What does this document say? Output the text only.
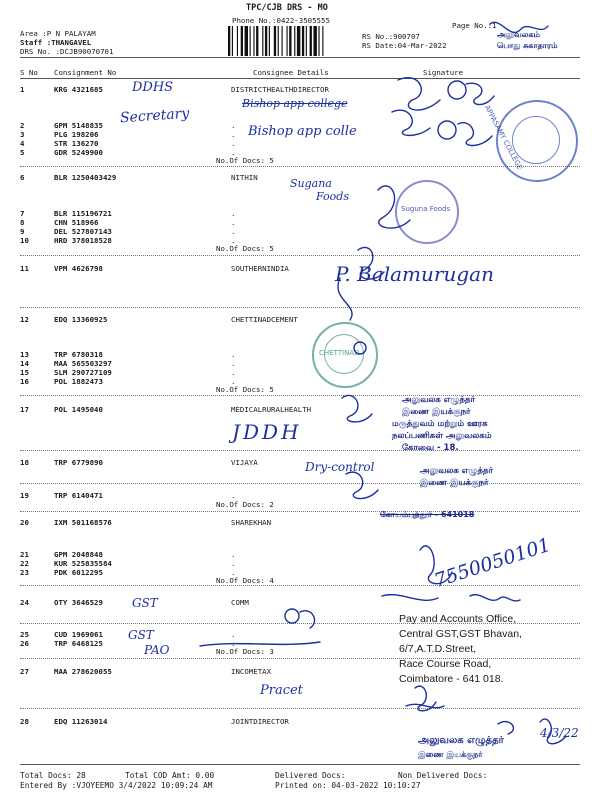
TPC/CJB DRS - MO
Phone No.:0422-3505555
Page No.:1
Area :P N PALAYAM
Staff :THANGAVEL
DRS No. :DCJB90070701
RS No.:900707
RS Date:04-Mar-2022
S No Consignment No	Consignee Details	Signature
1	KRG 4321685	DISTRICTHEALTHDIRECTOR
2	GPM 5148835	.
3	PLG 198206	.
4	STR 136270	.
5	GDR 5249900	.
No.Of Docs: 5
6	BLR 1250403429	NITHIN
7	BLR 115196721	.
8	CHN 518966	.
9	DEL 527807143	.
10	HRD 378018528	.
No.Of Docs: 5
11	VPM 4626798	SOUTHERNINDIA
12	EDQ 13360925	CHETTINADCEMENT
13	TRP 6780318	.
14	MAA 565503297	.
15	SLM 290727109	.
16	POL 1882473	.
No.Of Docs: 5
17	POL 1495040	MEDICALRURALHEALTH
18	TRP 6779890	VIJAYA
19	TRP 6140471	.
No.Of Docs: 2
20	IXM 501168576	SHAREKHAN
21	GPM 2048848	.
22	KUR 525835584	.
23	PDK 6012295	.
No.Of Docs: 4
24	OTY 3646529	COMM
25	CUD 1969061	.
26	TRP 6468125	.
No.Of Docs: 3
27	MAA 278620055	INCOMETAX
28	EDQ 11263014	JOINTDIRECTOR
Total Docs: 28	Total COD Amt: 0.00	Delivered Docs:	Non Delivered Docs:
Entered By :VJOYEEMO 3/4/2022 10:09:24 AM	Printed on: 04-03-2022 10:10:27
APPASAMY COLLEGE
Suguna Foods
CHETTINAD
அலுவலகம்
பொது சுகாதாரம்
அலுவலக எழுத்தர்
இணை இயக்குநர்
மருத்துவம் மற்றும் ஊரக
நலப்பணிகள் அலுவலகம்
கோவை - 18.
அலுவலக எழுத்தர்
இணை இயக்குநர்
கோயம்புத்தூர் - 641018
Pay and Accounts Office,
Central GST,GST Bhavan,
6/7,A.T.D.Street,
Race Course Road,
Coimbatore - 641 018.
அலுவலக எழுத்தர்
இணை இயக்குநர்
DDHS
Secretary
Bishop app college
Bishop app colle
Sugana
Foods
P. Balamurugan
JDDH
Dry-control
7550050101
GST
GST
PAO
Pracet
4/3/22
